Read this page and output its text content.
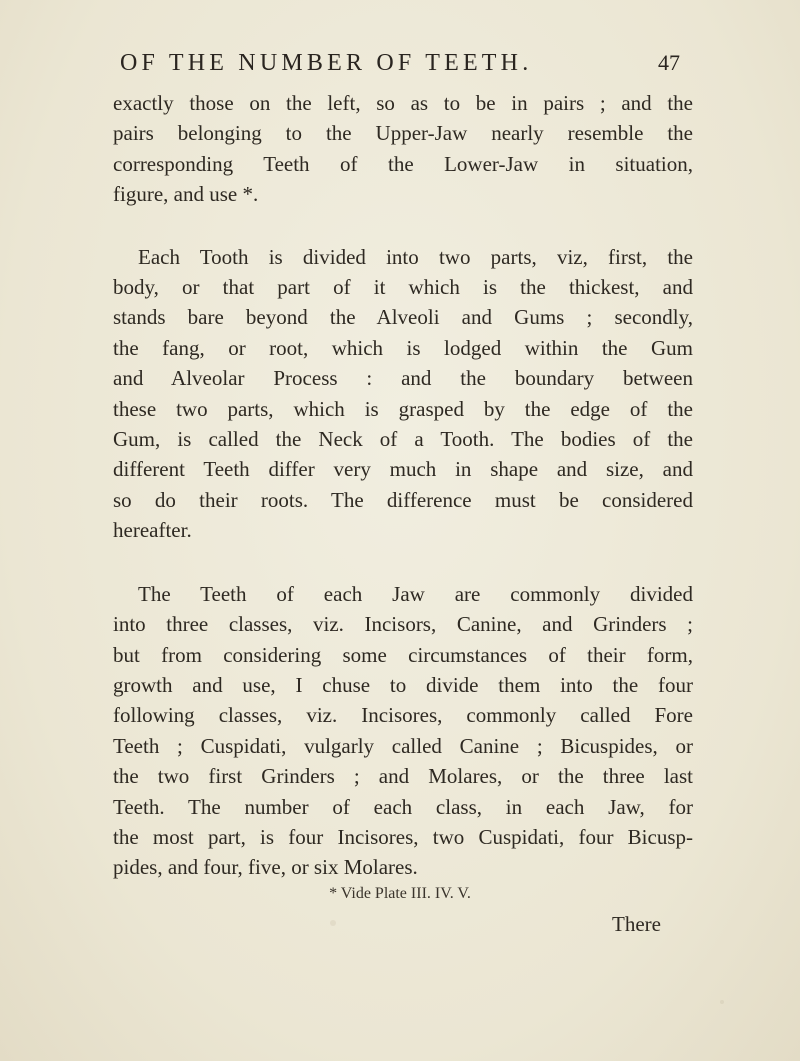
OF THE NUMBER OF TEETH.	47
exactly those on the left, so as to be in pairs ; and the
pairs belonging to the Upper-Jaw nearly resemble the
corresponding Teeth of the Lower-Jaw in situation,
figure, and use *.
Each Tooth is divided into two parts, viz, first, the
body, or that part of it which is the thickest, and
stands bare beyond the Alveoli and Gums ; secondly,
the fang, or root, which is lodged within the Gum
and Alveolar Process : and the boundary between
these two parts, which is grasped by the edge of the
Gum, is called the Neck of a Tooth. The bodies of the
different Teeth differ very much in shape and size, and
so do their roots. The difference must be considered
hereafter.
The Teeth of each Jaw are commonly divided
into three classes, viz. Incisors, Canine, and Grinders ;
but from considering some circumstances of their form,
growth and use, I chuse to divide them into the four
following classes, viz. Incisores, commonly called Fore
Teeth ; Cuspidati, vulgarly called Canine ; Bicuspides, or
the two first Grinders ; and Molares, or the three last
Teeth. The number of each class, in each Jaw, for
the most part, is four Incisores, two Cuspidati, four Bicusp-
pides, and four, five, or six Molares.
* Vide Plate III. IV. V.
There
